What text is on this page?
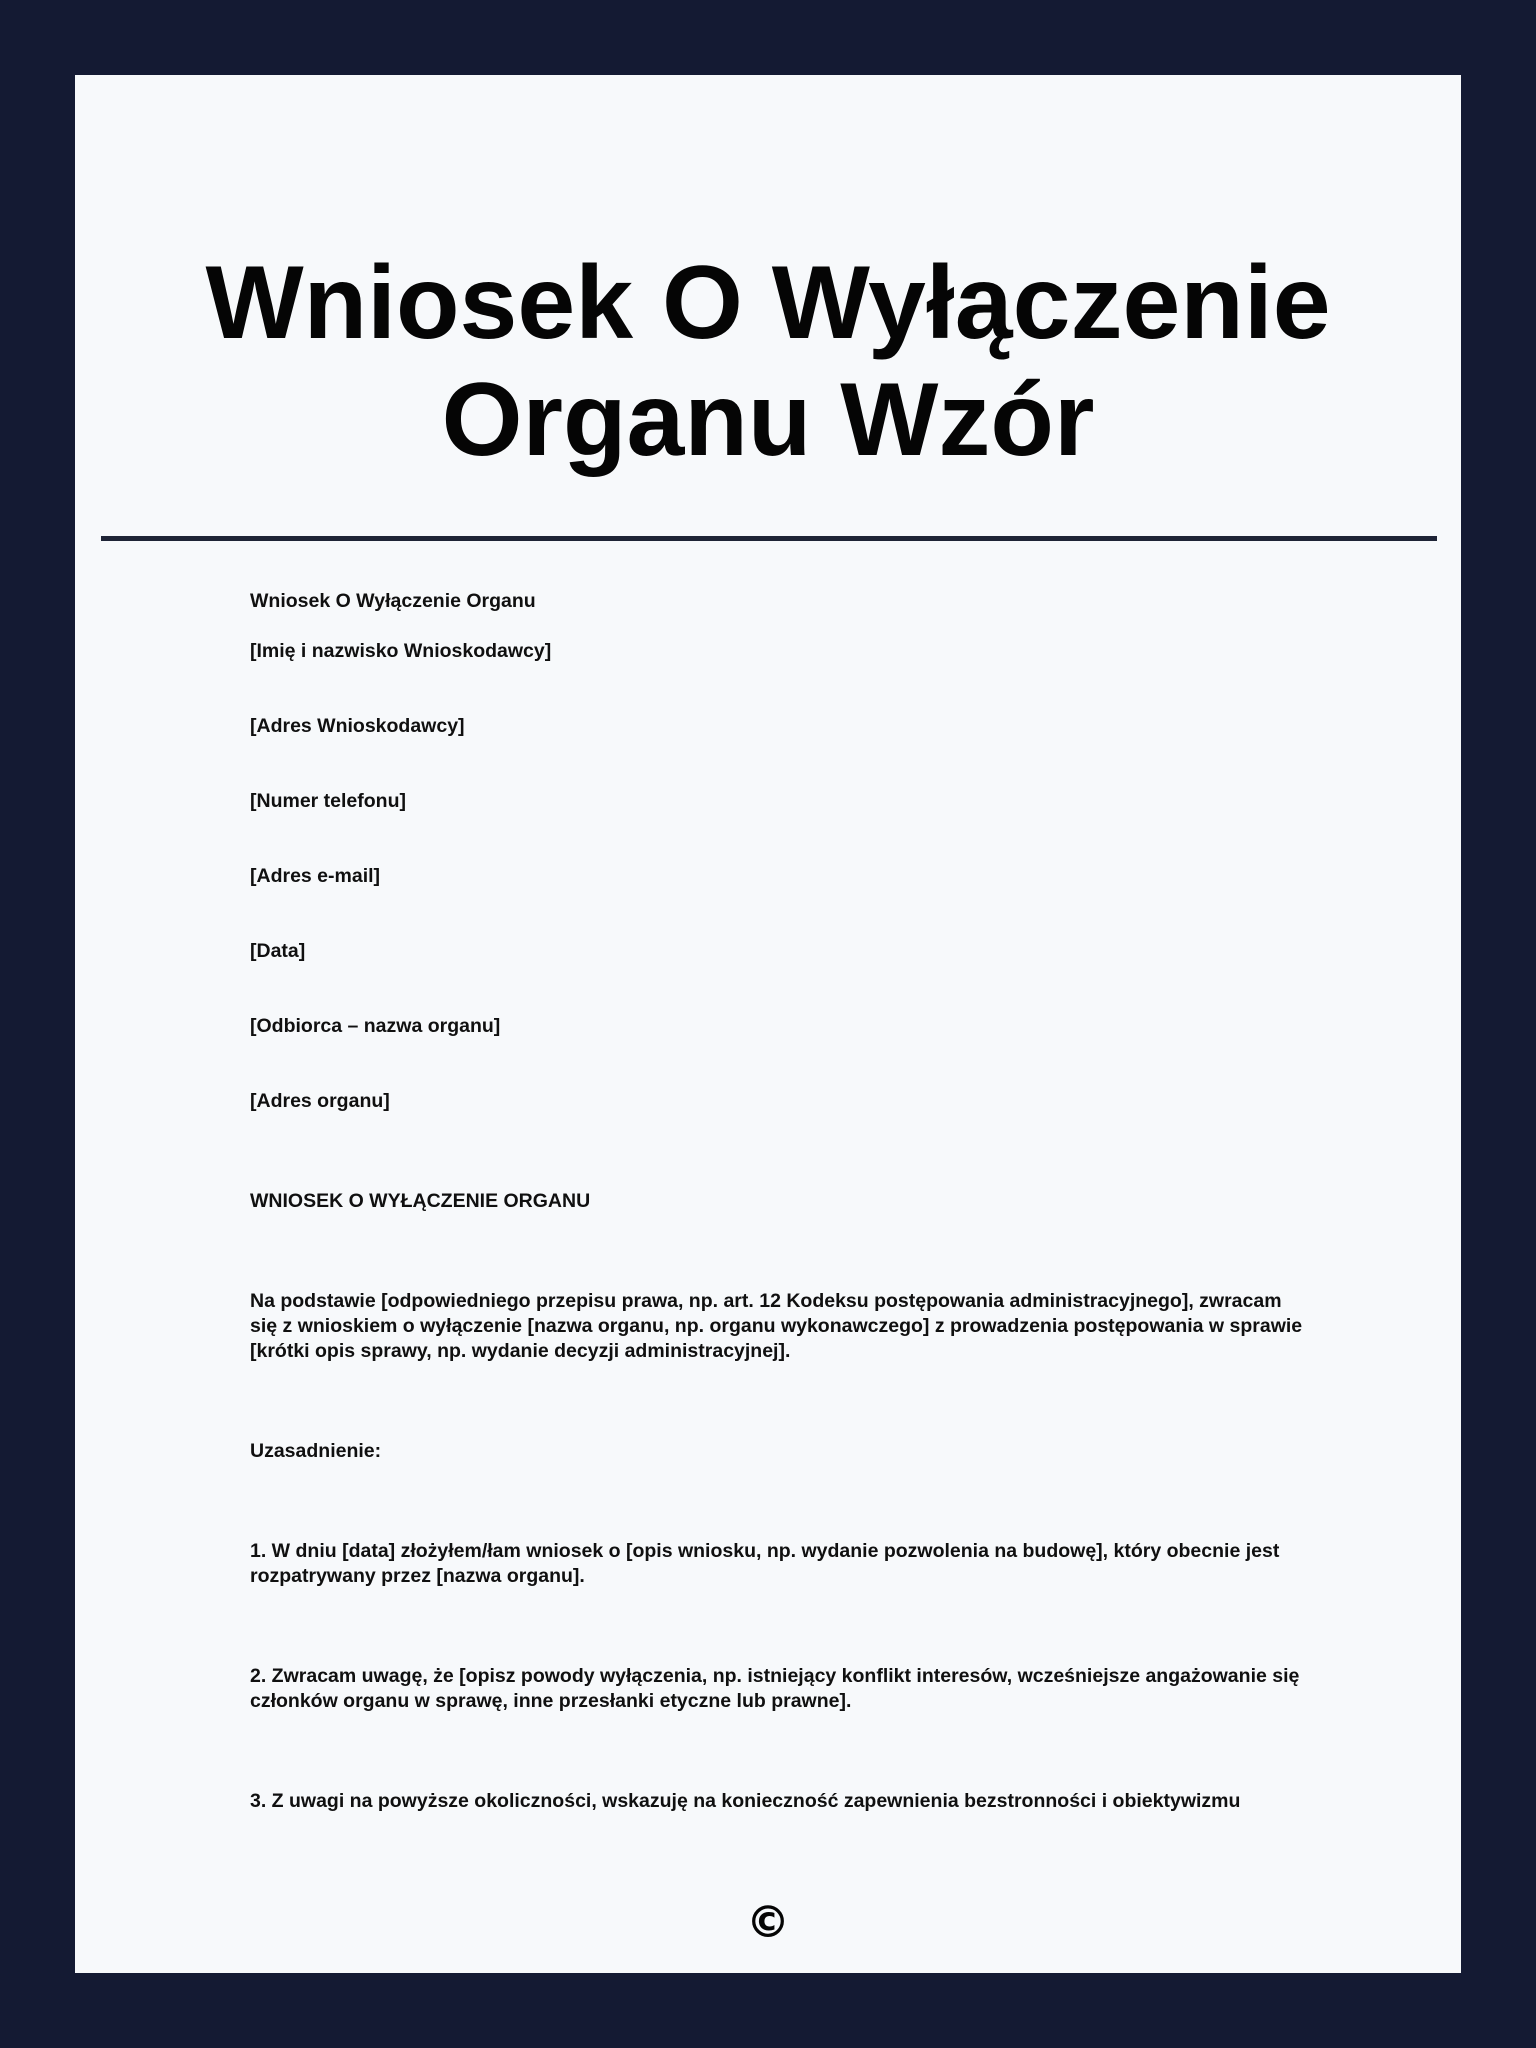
Wniosek O Wyłączenie Organu Wzór

Wniosek O Wyłączenie Organu

[Imię i nazwisko Wnioskodawcy]

[Adres Wnioskodawcy]

[Numer telefonu]

[Adres e-mail]

[Data]

[Odbiorca – nazwa organu]

[Adres organu]

WNIOSEK O WYŁĄCZENIE ORGANU

Na podstawie [odpowiedniego przepisu prawa, np. art. 12 Kodeksu postępowania administracyjnego], zwracam się z wnioskiem o wyłączenie [nazwa organu, np. organu wykonawczego] z prowadzenia postępowania w sprawie [krótki opis sprawy, np. wydanie decyzji administracyjnej].

Uzasadnienie:

1. W dniu [data] złożyłem/łam wniosek o [opis wniosku, np. wydanie pozwolenia na budowę], który obecnie jest rozpatrywany przez [nazwa organu].

2. Zwracam uwagę, że [opisz powody wyłączenia, np. istniejący konflikt interesów, wcześniejsze angażowanie się członków organu w sprawę, inne przesłanki etyczne lub prawne].

3. Z uwagi na powyższe okoliczności, wskazuję na konieczność zapewnienia bezstronności i obiektywizmu

©
